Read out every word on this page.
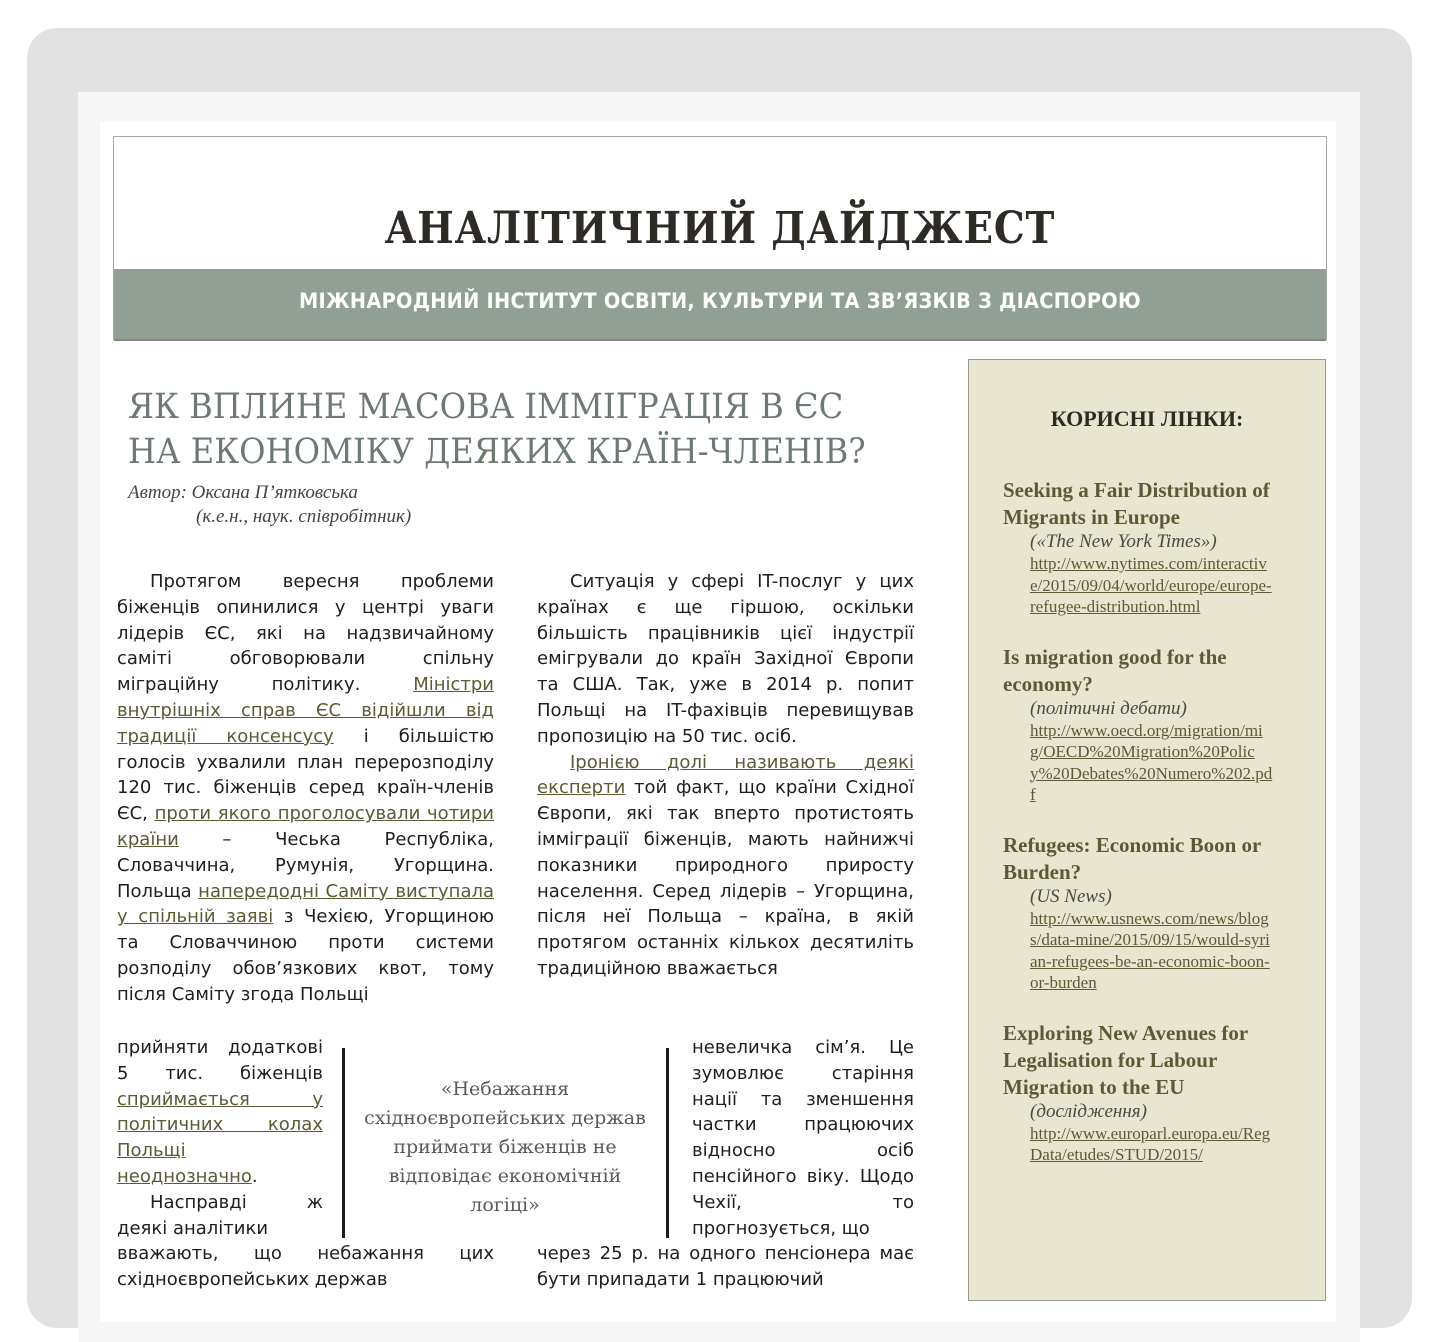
АНАЛІТИЧНИЙ ДАЙДЖЕСТ
МІЖНАРОДНИЙ ІНСТИТУТ ОСВІТИ, КУЛЬТУРИ ТА ЗВ’ЯЗКІВ З ДІАСПОРОЮ
ЯК ВПЛИНЕ МАСОВА ІММІГРАЦІЯ В ЄС НА ЕКОНОМІКУ ДЕЯКИХ КРАЇН-ЧЛЕНІВ?
Автор: Оксана П’ятковська
(к.е.н., наук. співробітник)

Протягом вересня проблеми біженців опинилися у центрі уваги лідерів ЄС, які на надзвичайному саміті обговорювали спільну міграційну політику. Міністри внутрішніх справ ЄС відійшли від традиції консенсусу і більшістю голосів ухвалили план перерозподілу 120 тис. біженців серед країн-членів ЄС, проти якого проголосували чотири країни – Чеська Республіка, Словаччина, Румунія, Угорщина. Польща напередодні Саміту виступала у спільній заяві з Чехією, Угорщиною та Словаччиною проти системи розподілу обов’язкових квот, тому після Саміту згода Польщі

прийняти додаткові 5 тис. біженців сприймається у політичних колах Польщі неоднозначно.

Насправді ж деякі аналітики

вважають, що небажання цих східноєвропейських держав

Ситуація у сфері IT-послуг у цих країнах є ще гіршою, оскільки більшість працівників цієї індустрії емігрували до країн Західної Європи та США. Так, уже в 2014 р. попит Польщі на IT-фахівців перевищував пропозицію на 50 тис. осіб.

Іронією долі називають деякі експерти той факт, що країни Східної Європи, які так вперто протистоять імміграції біженців, мають найнижчі показники природного приросту населення. Серед лідерів – Угорщина, після неї Польща – країна, в якій протягом останніх кількох десятиліть традиційною вважається

невеличка сім’я. Це зумовлює старіння нації та зменшення частки працюючих відносно осіб пенсійного віку. Щодо Чехії, то прогнозується, що

через 25 р. на одного пенсіонера має бути припадати 1 працюючий

«Небажання східноєвропейських держав приймати біженців не відповідає економічній логіці»
КОРИСНІ ЛІНКИ:
Seeking a Fair Distribution of Migrants in Europe
(«The New York Times»)
http://www.nytimes.com/interactive/2015/09/04/world/europe/europe-refugee-distribution.html
Is migration good for the economy?
(політичні дебати)
http://www.oecd.org/migration/mig/OECD%20Migration%20Policy%20Debates%20Numero%202.pdf
Refugees: Economic Boon or Burden?
(US News)
http://www.usnews.com/news/blogs/data-mine/2015/09/15/would-syrian-refugees-be-an-economic-boon-or-burden
Exploring New Avenues for Legalisation for Labour Migration to the EU
(дослідження)
http://www.europarl.europa.eu/RegData/etudes/STUD/2015/
